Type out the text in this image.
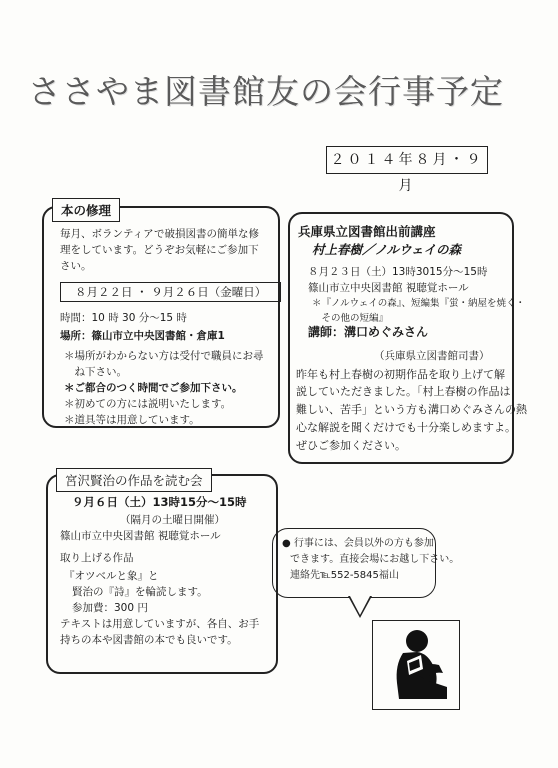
ささやま図書館友の会行事予定
２０１４年８月・９月
本の修理
毎月、ボランティアで破損図書の簡単な修
理をしています。どうぞお気軽にご参加下
さい。
８月２２日 ・ ９月２６日（金曜日）
時間：10 時 30 分～15 時
場所：篠山市立中央図書館・倉庫1
＊場所がわからない方は受付で職員にお尋
　ね下さい。
＊ご都合のつく時間でご参加下さい。
＊初めての方には説明いたします。
＊道具等は用意しています。
兵庫県立図書館出前講座
村上春樹／ノルウェイの森
８月２３日（土）13時3015分～15時
篠山市立中央図書館 視聴覚ホール
＊『ノルウェイの森』、短編集『蛍・納屋を焼く・
　その他の短編』
講師：溝口めぐみさん
（兵庫県立図書館司書）
昨年も村上春樹の初期作品を取り上げて解
説していただきました。「村上春樹の作品は
難しい、苦手」という方も溝口めぐみさんの熱
心な解説を聞くだけでも十分楽しめますよ。
ぜひご参加ください。
宮沢賢治の作品を読む会
９月６日（土）13時15分～15時
（隔月の土曜日開催）
篠山市立中央図書館 視聴覚ホール
取り上げる作品
『オツベルと象』と
賢治の『詩』を輪読します。
参加費：300 円
テキストは用意していますが、各自、お手
持ちの本や図書館の本でも良いです。
● 行事には、会員以外の方も参加
できます。直接会場にお越し下さい。
連絡先℡552-5845福山
